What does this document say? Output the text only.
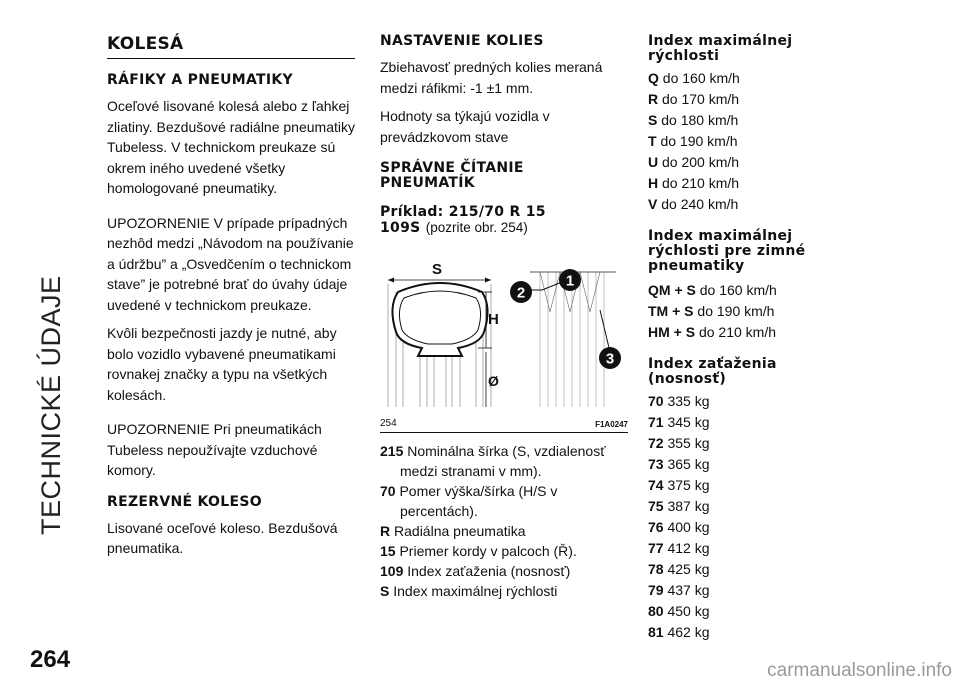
TECHNICKÉ ÚDAJE
264	carmanualsonline.info
KOLESÁ
RÁFIKY A PNEUMATIKY

Oceľové lisované kolesá alebo z ľahkej zliatiny. Bezdušové radiálne pneumatiky Tubeless. V technickom preukaze sú okrem iného uvedené všetky homologované pneumatiky.

UPOZORNENIE V prípade prípadných nezhôd medzi „Návodom na používanie a údržbu” a „Osvedčením o technickom stave” je potrebné brať do úvahy údaje uvedené v technickom preukaze.

Kvôli bezpečnosti jazdy je nutné, aby bolo vozidlo vybavené pneumatikami rovnakej značky a typu na všetkých kolesách.

UPOZORNENIE Pri pneumatikách Tubeless nepoužívajte vzduchové komory.

REZERVNÉ KOLESO

Lisované oceľové koleso. Bezdušová pneumatika.

NASTAVENIE KOLIES

Zbiehavosť predných kolies meraná medzi ráfikmi: -1 ±1 mm.

Hodnoty sa týkajú vozidla v prevádzkovom stave

SPRÁVNE ČÍTANIE
PNEUMATÍK
Príklad: 215/70 R 15
109S (pozrite obr. 254)
S
H
Ø
1
2
3
254	F1A0247
215 Nominálna šírka (S, vzdialenosť medzi stranami v mm).
70 Pomer výška/šírka (H/S v percentách).
R Radiálna pneumatika
15 Priemer kordy v palcoch (Ř).
109 Index zaťaženia (nosnosť)
S Index maximálnej rýchlosti
Index maximálnej
rýchlosti
Q do 160 km/h
R do 170 km/h
S do 180 km/h
T do 190 km/h
U do 200 km/h
H do 210 km/h
V do 240 km/h
Index maximálnej
rýchlosti pre zimné
pneumatiky
QM + S do 160 km/h
TM + S do 190 km/h
HM + S do 210 km/h
Index zaťaženia
(nosnosť)
70 335 kg
71 345 kg
72 355 kg
73 365 kg
74 375 kg
75 387 kg
76 400 kg
77 412 kg
78 425 kg
79 437 kg
80 450 kg
81 462 kg
